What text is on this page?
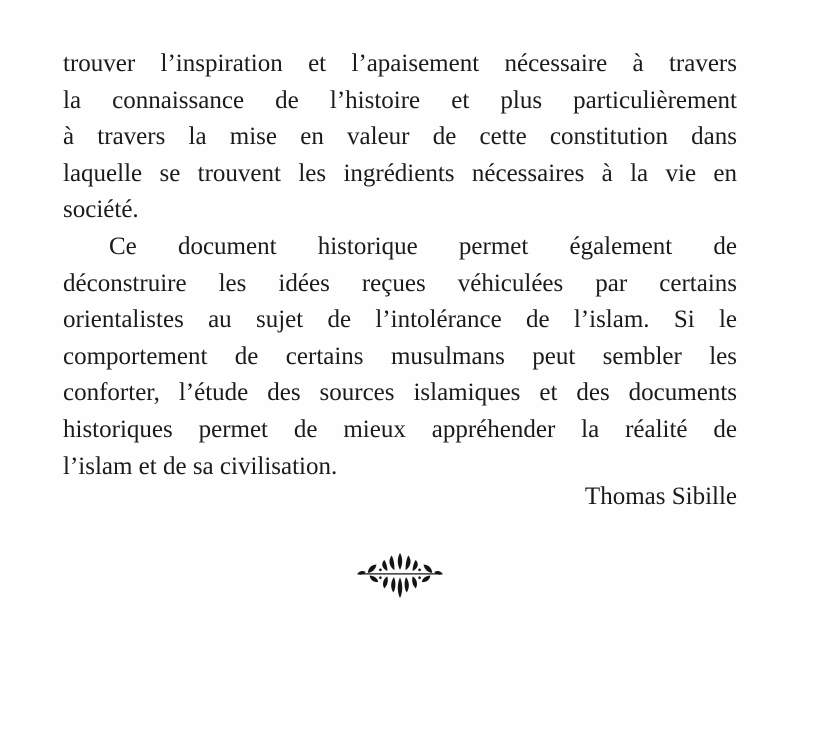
trouver l’inspiration et l’apaisement nécessaire à travers
la connaissance de l’histoire et plus particulièrement
à travers la mise en valeur de cette constitution dans
laquelle se trouvent les ingrédients nécessaires à la vie en
société.
Ce document historique permet également de
déconstruire les idées reçues véhiculées par certains
orientalistes au sujet de l’intolérance de l’islam. Si le
comportement de certains musulmans peut sembler les
conforter, l’étude des sources islamiques et des documents
historiques permet de mieux appréhender la réalité de
l’islam et de sa civilisation.
Thomas Sibille
